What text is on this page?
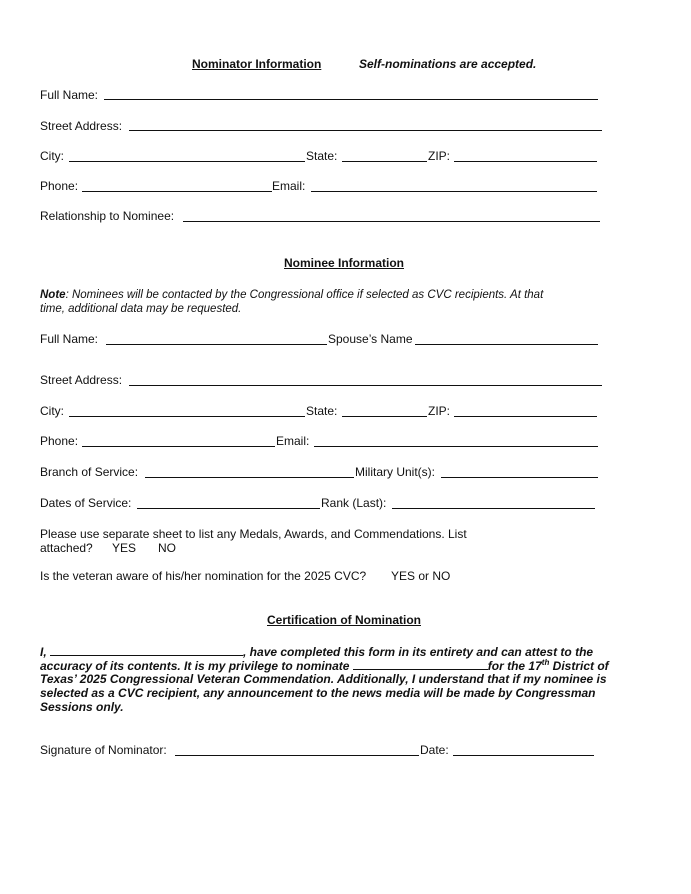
Nominator Information	Self-nominations are accepted.
Full Name:
Street Address:
City:	State:	ZIP:
Phone:	Email:
Relationship to Nominee:
Nominee Information
Note: Nominees will be contacted by the Congressional office if selected as CVC recipients. At that
time, additional data may be requested.
Full Name:	Spouse’s Name
Street Address:
City:	State:	ZIP:
Phone:	Email:
Branch of Service:	Military Unit(s):
Dates of Service:	Rank (Last):
Please use separate sheet to list any Medals, Awards, and Commendations. List
attached? YES NO
Is the veteran aware of his/her nomination for the 2025 CVC? YES or NO
Certification of Nomination
I,	, have completed this form in its entirety and can attest to the
accuracy of its contents. It is my privilege to nominate	for the 17th District of
Texas’ 2025 Congressional Veteran Commendation. Additionally, I understand that if my nominee is
selected as a CVC recipient, any announcement to the news media will be made by Congressman
Sessions only.
Signature of Nominator:	Date:
